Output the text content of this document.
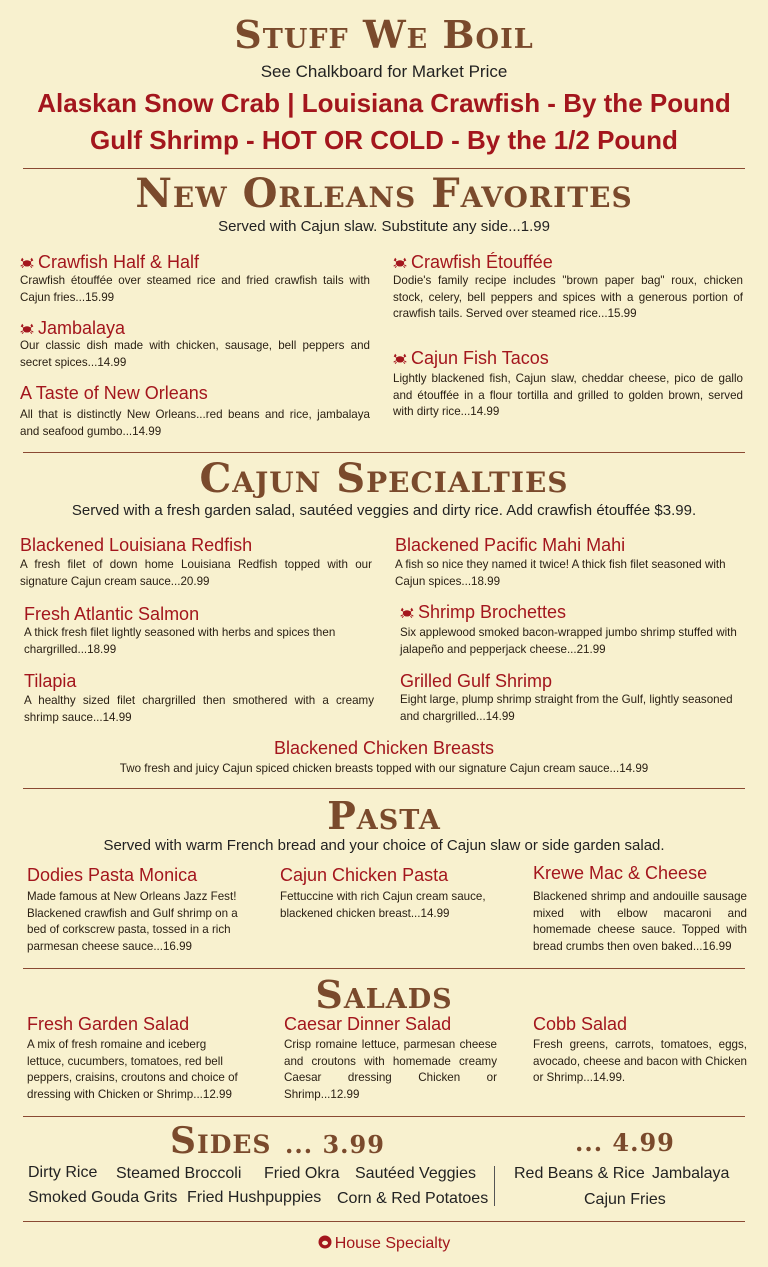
Stuff We Boil
See Chalkboard for Market Price
Alaskan Snow Crab | Louisiana Crawfish - By the Pound
Gulf Shrimp - HOT OR COLD - By the 1/2 Pound
New Orleans Favorites
Served with Cajun slaw. Substitute any side...1.99
Crawfish Half & Half
Crawfish étouffée over steamed rice and fried crawfish tails with Cajun fries...15.99
Jambalaya
Our classic dish made with chicken, sausage, bell peppers and secret spices...14.99
A Taste of New Orleans
All that is distinctly New Orleans...red beans and rice, jambalaya and seafood gumbo...14.99
Crawfish Étouffée
Dodie's family recipe includes "brown paper bag" roux, chicken stock, celery, bell peppers and spices with a generous portion of crawfish tails. Served over steamed rice...15.99
Cajun Fish Tacos
Lightly blackened fish, Cajun slaw, cheddar cheese, pico de gallo and étouffée in a flour tortilla and grilled to golden brown, served with dirty rice...14.99
Cajun Specialties
Served with a fresh garden salad, sautéed veggies and dirty rice. Add crawfish étouffée $3.99.
Blackened Louisiana Redfish
A fresh filet of down home Louisiana Redfish topped with our signature Cajun cream sauce...20.99
Fresh Atlantic Salmon
A thick fresh filet lightly seasoned with herbs and spices then chargrilled...18.99
Tilapia
A healthy sized filet chargrilled then smothered with a creamy shrimp sauce...14.99
Blackened Pacific Mahi Mahi
A fish so nice they named it twice! A thick fish filet seasoned with Cajun spices...18.99
Shrimp Brochettes
Six applewood smoked bacon-wrapped jumbo shrimp stuffed with jalapeño and pepperjack cheese...21.99
Grilled Gulf Shrimp
Eight large, plump shrimp straight from the Gulf, lightly seasoned and chargrilled...14.99
Blackened Chicken Breasts
Two fresh and juicy Cajun spiced chicken breasts topped with our signature Cajun cream sauce...14.99
Pasta
Served with warm French bread and your choice of Cajun slaw or side garden salad.
Dodies Pasta Monica
Made famous at New Orleans Jazz Fest! Blackened crawfish and Gulf shrimp on a bed of corkscrew pasta, tossed in a rich parmesan cheese sauce...16.99
Cajun Chicken Pasta
Fettuccine with rich Cajun cream sauce, blackened chicken breast...14.99
Krewe Mac & Cheese
Blackened shrimp and andouille sausage mixed with elbow macaroni and homemade cheese sauce. Topped with bread crumbs then oven baked...16.99
Salads
Fresh Garden Salad
A mix of fresh romaine and iceberg lettuce, cucumbers, tomatoes, red bell peppers, craisins, croutons and choice of dressing with Chicken or Shrimp...12.99
Caesar Dinner Salad
Crisp romaine lettuce, parmesan cheese and croutons with homemade creamy Caesar dressing Chicken or Shrimp...12.99
Cobb Salad
Fresh greens, carrots, tomatoes, eggs, avocado, cheese and bacon with Chicken or Shrimp...14.99.
Sides ... 3.99	... 4.99
Dirty Rice Steamed Broccoli Fried Okra Sautéed Veggies
Smoked Gouda Grits Fried Hushpuppies Corn & Red Potatoes
Red Beans & Rice Jambalaya
Cajun Fries
House Specialty
